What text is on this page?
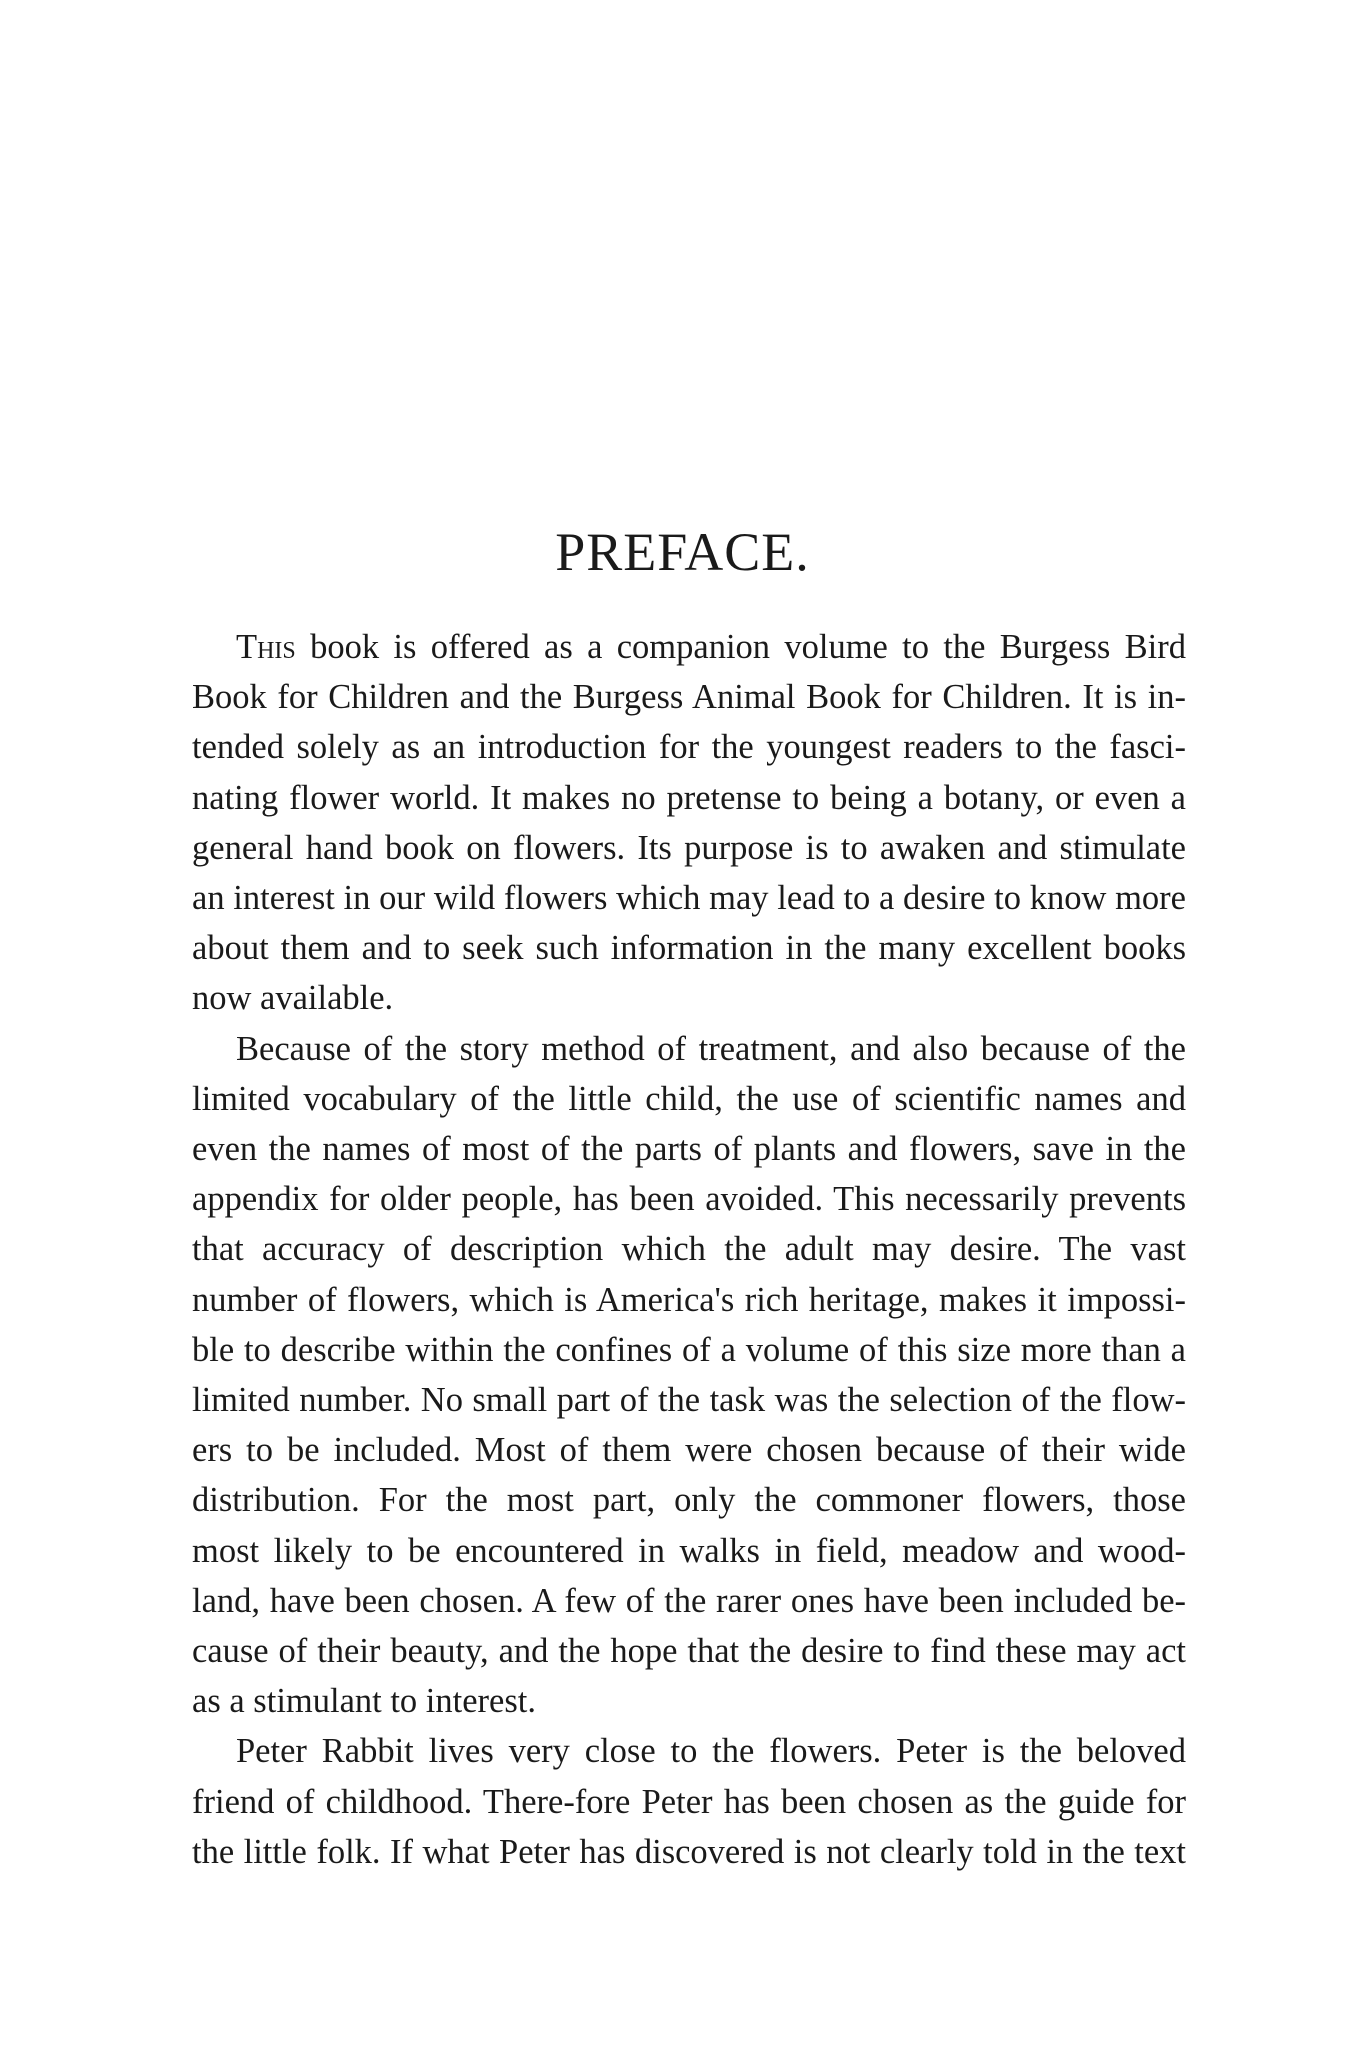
PREFACE.
This book is offered as a companion volume to the Burgess Bird
Book for Children and the Burgess Animal Book for Children. It is in-
tended solely as an introduction for the youngest readers to the fasci-
nating flower world. It makes no pretense to being a botany, or even a
general hand book on flowers. Its purpose is to awaken and stimulate
an interest in our wild flowers which may lead to a desire to know more
about them and to seek such information in the many excellent books
now available.
Because of the story method of treatment, and also because of the
limited vocabulary of the little child, the use of scientific names and
even the names of most of the parts of plants and flowers, save in the
appendix for older people, has been avoided. This necessarily prevents
that accuracy of description which the adult may desire. The vast
number of flowers, which is America's rich heritage, makes it impossi-
ble to describe within the confines of a volume of this size more than a
limited number. No small part of the task was the selection of the flow-
ers to be included. Most of them were chosen because of their wide
distribution. For the most part, only the commoner flowers, those
most likely to be encountered in walks in field, meadow and wood-
land, have been chosen. A few of the rarer ones have been included be-
cause of their beauty, and the hope that the desire to find these may act
as a stimulant to interest.
Peter Rabbit lives very close to the flowers. Peter is the beloved
friend of childhood. There-fore Peter has been chosen as the guide for
the little folk. If what Peter has discovered is not clearly told in the text
